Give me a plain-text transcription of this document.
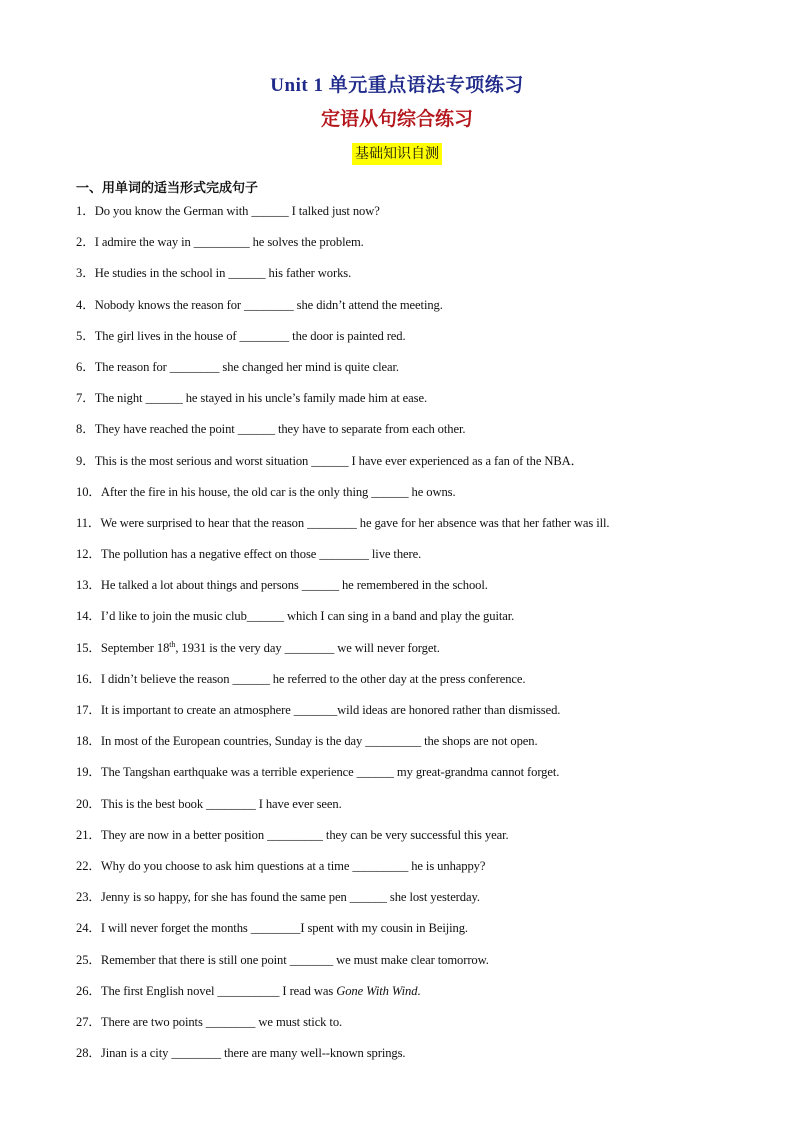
Unit 1 单元重点语法专项练习
定语从句综合练习
基础知识自测
一、用单词的适当形式完成句子
1．Do you know the German with ______ I talked just now?
2．I admire the way in _________ he solves the problem.
3．He studies in the school in ______ his father works.
4．Nobody knows the reason for ________ she didn’t attend the meeting.
5．The girl lives in the house of ________ the door is painted red.
6．The reason for ________ she changed her mind is quite clear.
7．The night ______ he stayed in his uncle’s family made him at ease.
8．They have reached the point ______ they have to separate from each other.
9．This is the most serious and worst situation ______ I have ever experienced as a fan of the NBA．
10．After the fire in his house, the old car is the only thing ______ he owns.
11．We were surprised to hear that the reason ________ he gave for her absence was that her father was ill.
12．The pollution has a negative effect on those ________ live there.
13．He talked a lot about things and persons ______ he remembered in the school.
14．I’d like to join the music club______ which I can sing in a band and play the guitar.
15．September 18th, 1931 is the very day ________ we will never forget.
16．I didn’t believe the reason ______ he referred to the other day at the press conference.
17．It is important to create an atmosphere _______wild ideas are honored rather than dismissed.
18．In most of the European countries, Sunday is the day _________ the shops are not open.
19．The Tangshan earthquake was a terrible experience ______ my great-grandma cannot forget.
20．This is the best book ________ I have ever seen.
21．They are now in a better position _________ they can be very successful this year.
22．Why do you choose to ask him questions at a time _________ he is unhappy?
23．Jenny is so happy, for she has found the same pen ______ she lost yesterday.
24．I will never forget the months ________I spent with my cousin in Beijing.
25．Remember that there is still one point _______ we must make clear tomorrow.
26．The first English novel __________ I read was Gone With Wind.
27．There are two points ________ we must stick to.
28．Jinan is a city ________ there are many well--known springs.
